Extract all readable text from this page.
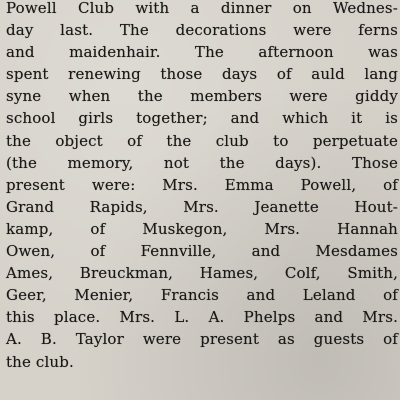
Powell Club with a dinner on Wednes-
day last. The decorations were ferns
and maidenhair. The afternoon was
spent renewing those days of auld lang
syne when the members were giddy
school girls together; and which it is
the object of the club to perpetuate
(the memory, not the days). Those
present were: Mrs. Emma Powell, of
Grand Rapids, Mrs. Jeanette Hout-
kamp, of Muskegon, Mrs. Hannah
Owen, of Fennville, and Mesdames
Ames, Breuckman, Hames, Colf, Smith,
Geer, Menier, Francis and Leland of
this place. Mrs. L. A. Phelps and Mrs.
A. B. Taylor were present as guests of
the club.
